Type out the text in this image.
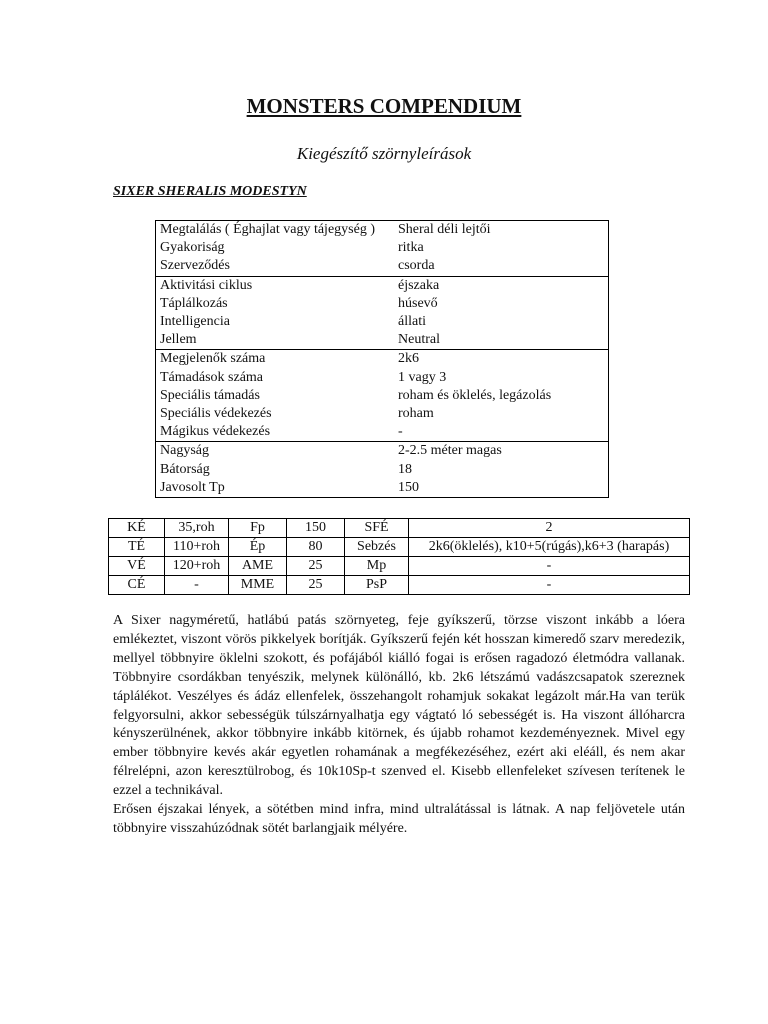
MONSTERS COMPENDIUM
Kiegészítő szörnyleírások
SIXER SHERALIS MODESTYN
Megtalálás ( Éghajlat vagy tájegység )	Sheral déli lejtői
Gyakoriság	ritka
Szerveződés	csorda
Aktivitási ciklus	éjszaka
Táplálkozás	húsevő
Intelligencia	állati
Jellem	Neutral
Megjelenők száma	2k6
Támadások száma	1 vagy 3
Speciális támadás	roham és öklelés, legázolás
Speciális védekezés	roham
Mágikus védekezés	-
Nagyság	2-2.5 méter magas
Bátorság	18
Javosolt Tp	150
KÉ	35,roh	Fp	150	SFÉ	2
TÉ	110+roh	Ép	80	Sebzés	2k6(öklelés), k10+5(rúgás),k6+3 (harapás)
VÉ	120+roh	AME	25	Mp	-
CÉ	-	MME	25	PsP	-

A Sixer nagyméretű, hatlábú patás szörnyeteg, feje gyíkszerű, törzse viszont inkább a lóera emlékeztet, viszont vörös pikkelyek borítják. Gyíkszerű fején két hosszan kimeredő szarv meredezik, mellyel többnyire öklelni szokott, és pofájából kiálló fogai is erősen ragadozó életmódra vallanak. Többnyire csordákban tenyészik, melynek különálló, kb. 2k6 létszámú vadászcsapatok szereznek táplálékot. Veszélyes és ádáz ellenfelek, összehangolt rohamjuk sokakat legázolt már.Ha van terük felgyorsulni, akkor sebességük túlszárnyalhatja egy vágtató ló sebességét is. Ha viszont állóharcra kényszerülnének, akkor többnyire inkább kitörnek, és újabb rohamot kezdeményeznek. Mivel egy ember többnyire kevés akár egyetlen rohamának a megfékezéséhez, ezért aki eléáll, és nem akar félrelépni, azon keresztülrobog, és 10k10Sp-t szenved el. Kisebb ellenfeleket szívesen terítenek le ezzel a technikával.

Erősen éjszakai lények, a sötétben mind infra, mind ultralátással is látnak. A nap feljövetele után többnyire visszahúzódnak sötét barlangjaik mélyére.
